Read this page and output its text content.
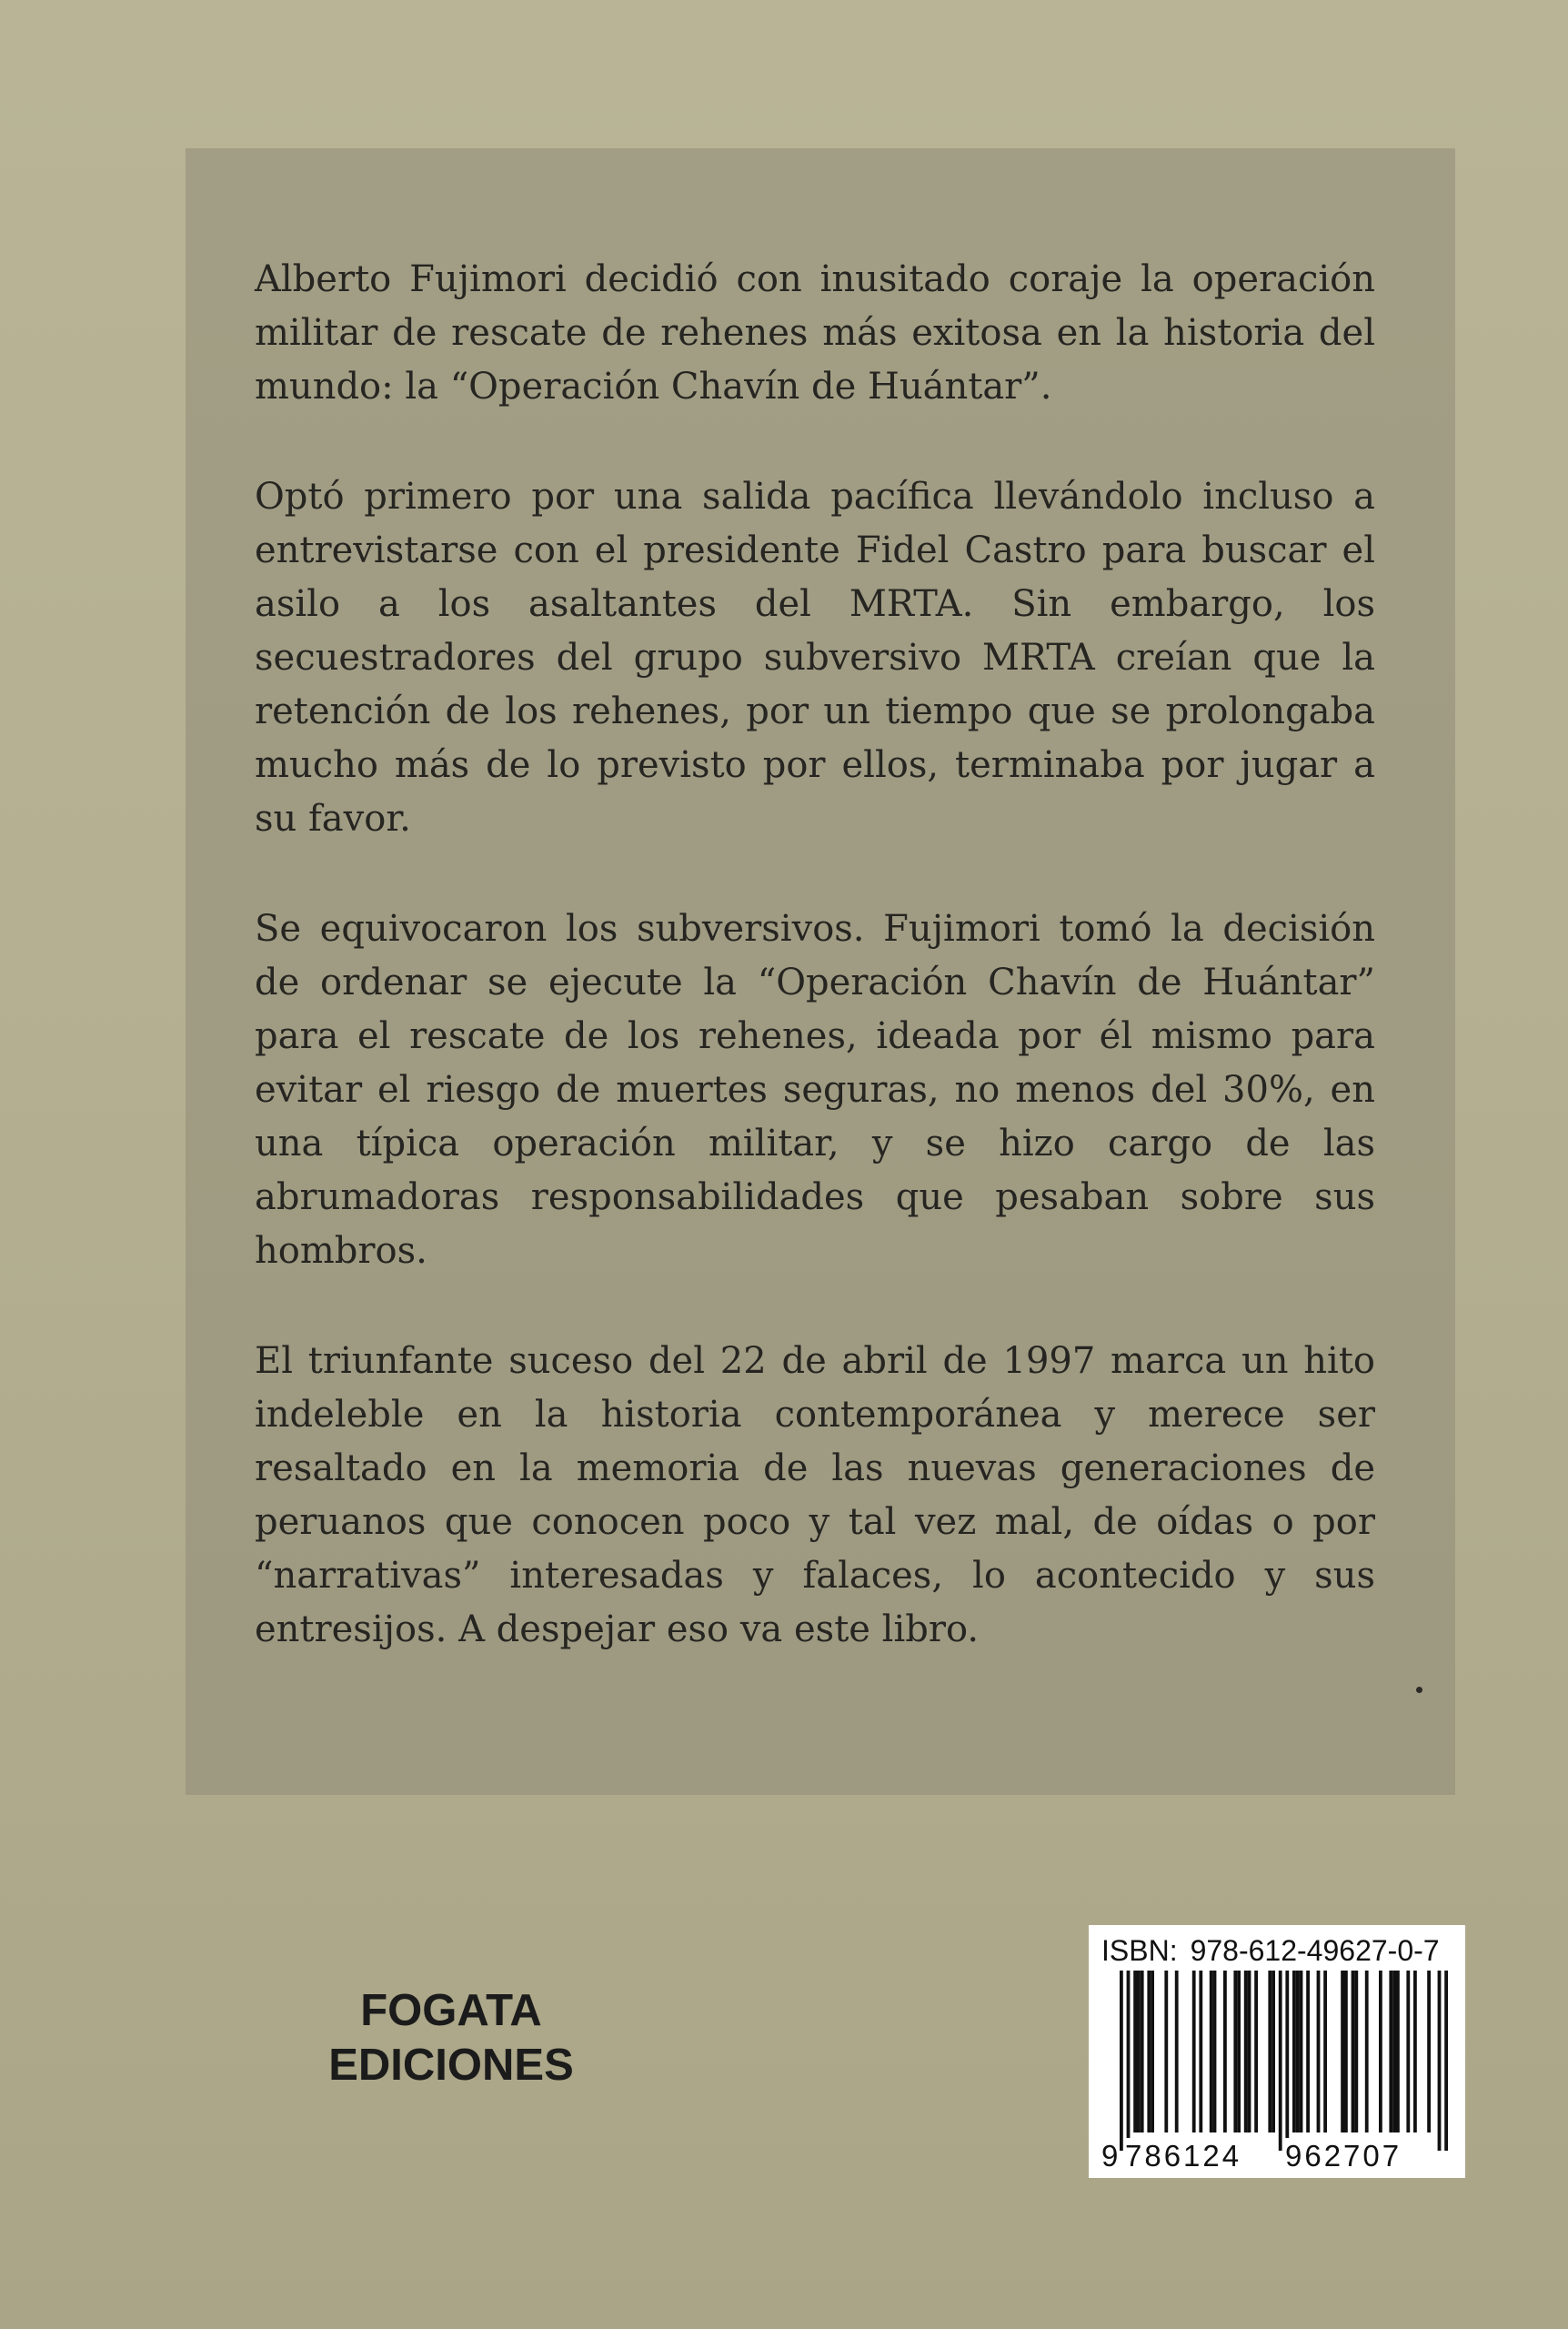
Alberto Fujimori decidió con inusitado coraje la operación militar de rescate de rehenes más exitosa en la historia del mundo: la “Operación Chavín de Huántar”.

Optó primero por una salida pacífica llevándolo incluso a entrevistarse con el presidente Fidel Castro para buscar el asilo a los asaltantes del MRTA. Sin embargo, los secuestradores del grupo subversivo MRTA creían que la retención de los rehenes, por un tiempo que se prolongaba mucho más de lo previsto por ellos, terminaba por jugar a su favor.

Se equivocaron los subversivos. Fujimori tomó la decisión de ordenar se ejecute la “Operación Chavín de Huántar” para el rescate de los rehenes, ideada por él mismo para evitar el riesgo de muertes seguras, no menos del 30%, en una típica operación militar, y se hizo cargo de las abrumadoras responsabilidades que pesaban sobre sus hombros.

El triunfante suceso del 22 de abril de 1997 marca un hito indeleble en la historia contemporánea y merece ser resaltado en la memoria de las nuevas generaciones de peruanos que conocen poco y tal vez mal, de oídas o por “narrativas” interesadas y falaces, lo acontecido y sus entresijos. A despejar eso va este libro.

FOGATA
EDICIONES
ISBN: 978-612-49627-0-7
9 786124 962707
